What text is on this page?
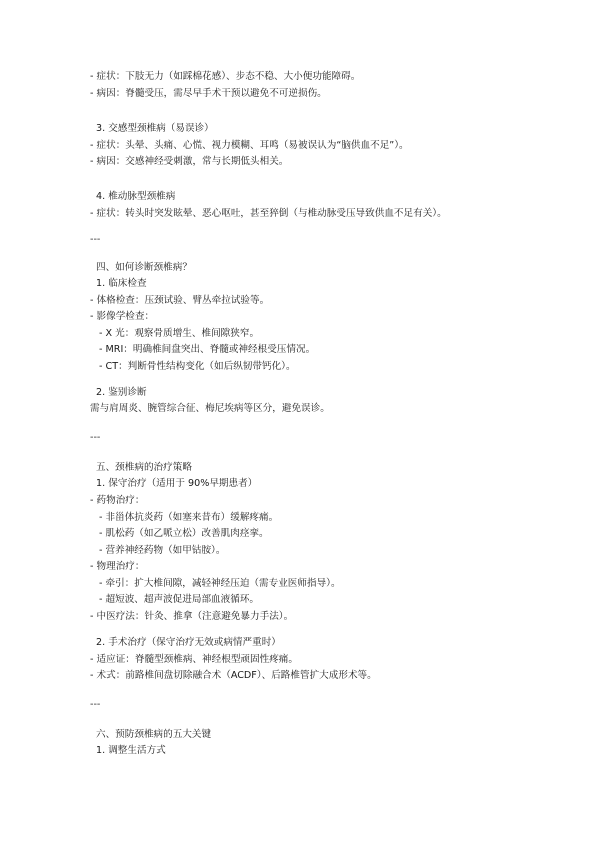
- 症状：下肢无力（如踩棉花感）、步态不稳、大小便功能障碍。
- 病因：脊髓受压，需尽早手术干预以避免不可逆损伤。
3. 交感型颈椎病（易误诊）
- 症状：头晕、头痛、心慌、视力模糊、耳鸣（易被误认为“脑供血不足”）。
- 病因：交感神经受刺激，常与长期低头相关。
4. 椎动脉型颈椎病
- 症状：转头时突发眩晕、恶心呕吐，甚至猝倒（与椎动脉受压导致供血不足有关）。
---
四、如何诊断颈椎病？
1. 临床检查
- 体格检查：压颈试验、臂丛牵拉试验等。
- 影像学检查：
- X 光：观察骨质增生、椎间隙狭窄。
- MRI：明确椎间盘突出、脊髓或神经根受压情况。
- CT：判断骨性结构变化（如后纵韧带钙化）。
2. 鉴别诊断
需与肩周炎、腕管综合征、梅尼埃病等区分，避免误诊。
---
五、颈椎病的治疗策略
1. 保守治疗（适用于 90%早期患者）
- 药物治疗：
- 非甾体抗炎药（如塞来昔布）缓解疼痛。
- 肌松药（如乙哌立松）改善肌肉痉挛。
- 营养神经药物（如甲钴胺）。
- 物理治疗：
- 牵引：扩大椎间隙，减轻神经压迫（需专业医师指导）。
- 超短波、超声波促进局部血液循环。
- 中医疗法：针灸、推拿（注意避免暴力手法）。
2. 手术治疗（保守治疗无效或病情严重时）
- 适应证：脊髓型颈椎病、神经根型顽固性疼痛。
- 术式：前路椎间盘切除融合术（ACDF）、后路椎管扩大成形术等。
---
六、预防颈椎病的五大关键
1. 调整生活方式
